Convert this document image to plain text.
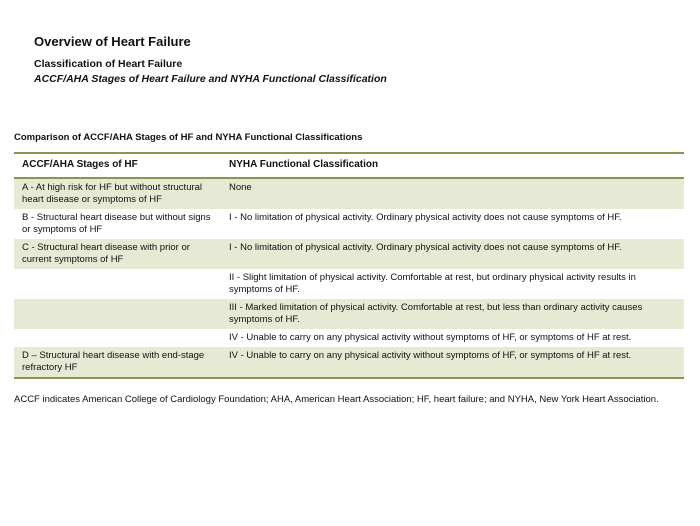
Overview of Heart Failure
Classification of Heart Failure
ACCF/AHA Stages of Heart Failure and NYHA Functional Classification
Comparison of ACCF/AHA Stages of HF and NYHA Functional Classifications
ACCF/AHA Stages of HF	NYHA Functional Classification
A - At high risk for HF but without structural heart disease or symptoms of HF	None
B - Structural heart disease but without signs or symptoms of HF	I - No limitation of physical activity. Ordinary physical activity does not cause symptoms of HF.
C - Structural heart disease with prior or current symptoms of HF	I - No limitation of physical activity. Ordinary physical activity does not cause symptoms of HF.
	II - Slight limitation of physical activity. Comfortable at rest, but ordinary physical activity results in symptoms of HF.
	III - Marked limitation of physical activity. Comfortable at rest, but less than ordinary activity causes symptoms of HF.
	IV - Unable to carry on any physical activity without symptoms of HF, or symptoms of HF at rest.
D – Structural heart disease with end-stage refractory HF	IV - Unable to carry on any physical activity without symptoms of HF, or symptoms of HF at rest.
ACCF indicates American College of Cardiology Foundation; AHA, American Heart Association; HF, heart failure; and NYHA, New York Heart Association.
